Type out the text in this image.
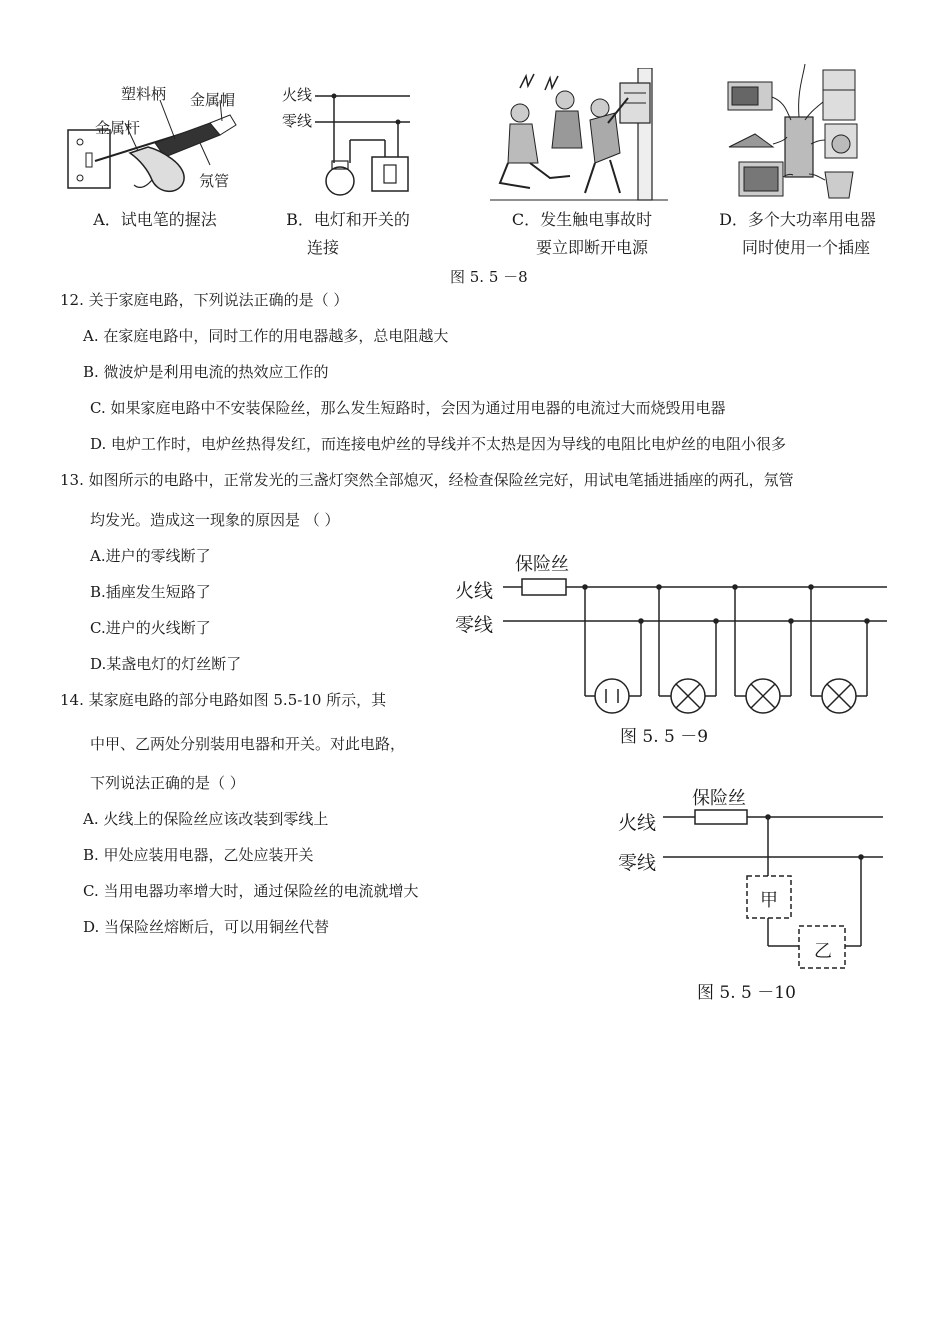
塑料柄 金属帽
金属杆
氖管
A．试电笔的握法
火线
零线
B．电灯和开关的
连接
C．发生触电事故时
要立即断开电源
D．多个大功率用电器
同时使用一个插座
图 5. 5 －8
12. 关于家庭电路，下列说法正确的是（ ）
A. 在家庭电路中，同时工作的用电器越多，总电阻越大
B. 微波炉是利用电流的热效应工作的
C. 如果家庭电路中不安装保险丝，那么发生短路时，会因为通过用电器的电流过大而烧毁用电器
D. 电炉工作时，电炉丝热得发红，而连接电炉丝的导线并不太热是因为导线的电阻比电炉丝的电阻小很多
13. 如图所示的电路中，正常发光的三盏灯突然全部熄灭，经检查保险丝完好，用试电笔插进插座的两孔，氖管
均发光。造成这一现象的原因是 （ ）
A.进户的零线断了
B.插座发生短路了
C.进户的火线断了
D.某盏电灯的灯丝断了
保险丝
火线
零线
图 5. 5 －9
14. 某家庭电路的部分电路如图 5.5-10 所示，其
中甲、乙两处分别装用电器和开关。对此电路，
下列说法正确的是（ ）
A. 火线上的保险丝应该改装到零线上
B. 甲处应装用电器，乙处应装开关
C. 当用电器功率增大时，通过保险丝的电流就增大
D. 当保险丝熔断后，可以用铜丝代替
保险丝
火线
零线
甲
乙
图 5. 5 －10
